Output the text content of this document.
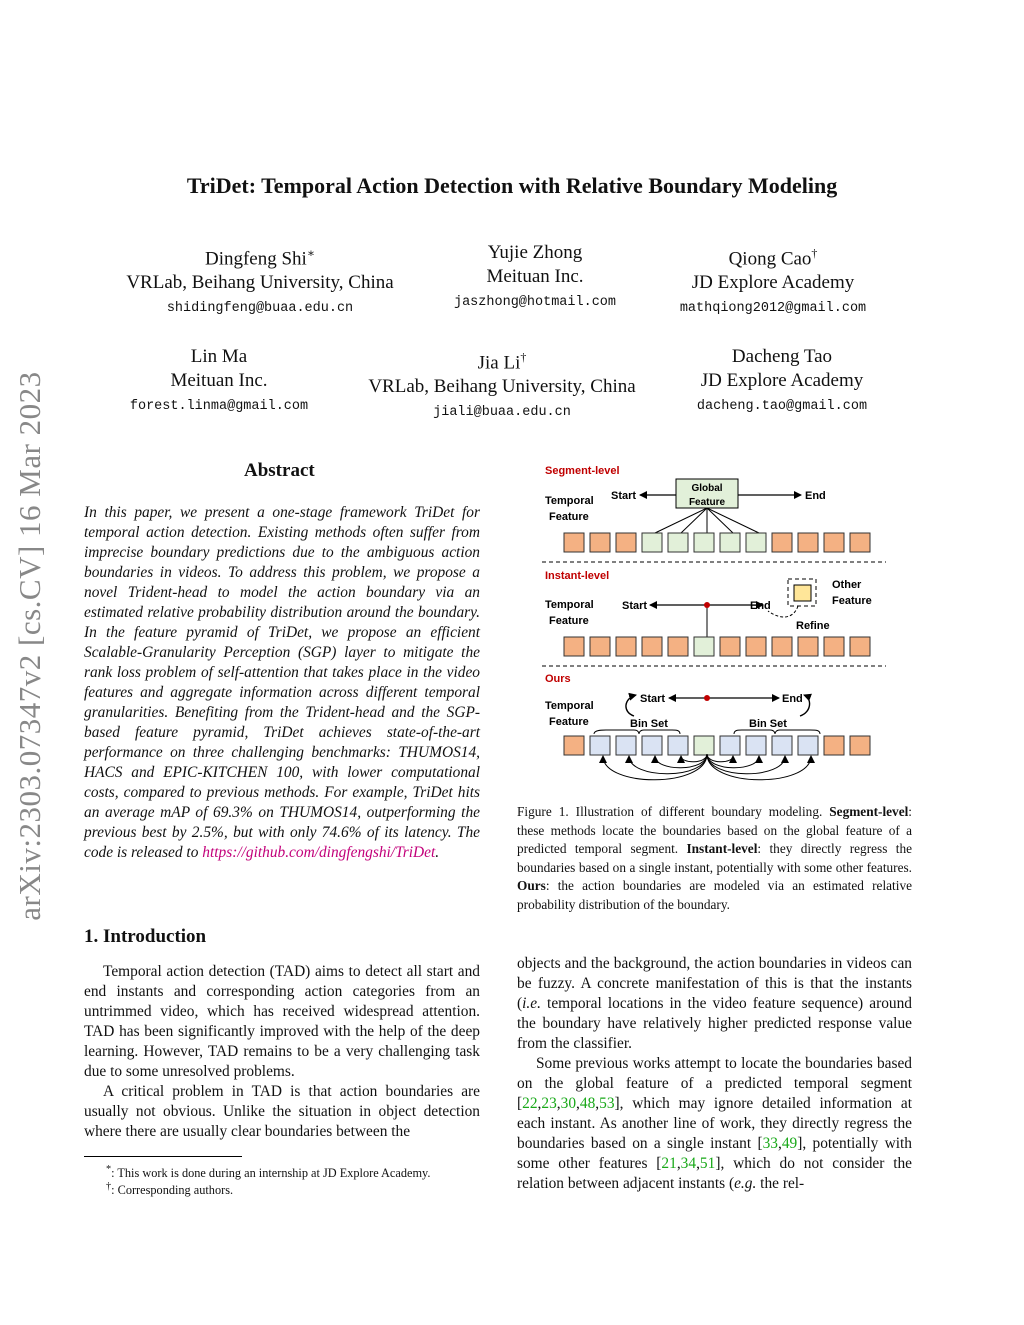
arXiv:2303.07347v2 [cs.CV] 16 Mar 2023
TriDet: Temporal Action Detection with Relative Boundary Modeling
Dingfeng Shi∗
VRLab, Beihang University, China
shidingfeng@buaa.edu.cn
Yujie Zhong
Meituan Inc.
jaszhong@hotmail.com
Qiong Cao†
JD Explore Academy
mathqiong2012@gmail.com
Lin Ma
Meituan Inc.
forest.linma@gmail.com
Jia Li†
VRLab, Beihang University, China
jiali@buaa.edu.cn
Dacheng Tao
JD Explore Academy
dacheng.tao@gmail.com
Abstract
In this paper, we present a one-stage framework TriDet for temporal action detection. Existing methods often suffer from imprecise boundary predictions due to the ambiguous action boundaries in videos. To address this problem, we propose a novel Trident-head to model the action boundary via an estimated relative probability distribution around the boundary. In the feature pyramid of TriDet, we propose an efficient Scalable-Granularity Perception (SGP) layer to mitigate the rank loss problem of self-attention that takes place in the video features and aggregate information across different temporal granularities. Benefiting from the Trident-head and the SGP-based feature pyramid, TriDet achieves state-of-the-art performance on three challenging benchmarks: THUMOS14, HACS and EPIC-KITCHEN 100, with lower computational costs, compared to previous methods. For example, TriDet hits an average mAP of 69.3% on THUMOS14, outperforming the previous best by 2.5%, but with only 74.6% of its latency. The code is released to https://github.com/dingfengshi/TriDet.
Segment-level
Temporal
Feature
Global
Feature
Start	End
Instant-level
Temporal
Feature
Start	End
Other
Feature
Refine
Ours
Temporal
Feature
Start	End
Bin Set	Bin Set
Figure 1. Illustration of different boundary modeling. Segment-level: these methods locate the boundaries based on the global feature of a predicted temporal segment. Instant-level: they directly regress the boundaries based on a single instant, potentially with some other features. Ours: the action boundaries are modeled via an estimated relative probability distribution of the boundary.
1. Introduction

Temporal action detection (TAD) aims to detect all start and end instants and corresponding action categories from an untrimmed video, which has received widespread attention. TAD has been significantly improved with the help of the deep learning. However, TAD remains to be a very challenging task due to some unresolved problems.

A critical problem in TAD is that action boundaries are usually not obvious. Unlike the situation in object detection where there are usually clear boundaries between the

objects and the background, the action boundaries in videos can be fuzzy. A concrete manifestation of this is that the instants (i.e. temporal locations in the video feature sequence) around the boundary have relatively higher predicted response value from the classifier.

Some previous works attempt to locate the boundaries based on the global feature of a predicted temporal segment [22,23,30,48,53], which may ignore detailed information at each instant. As another line of work, they directly regress the boundaries based on a single instant [33,49], potentially with some other features [21,34,51], which do not consider the relation between adjacent instants (e.g. the rel-

*: This work is done during an internship at JD Explore Academy.
†: Corresponding authors.
